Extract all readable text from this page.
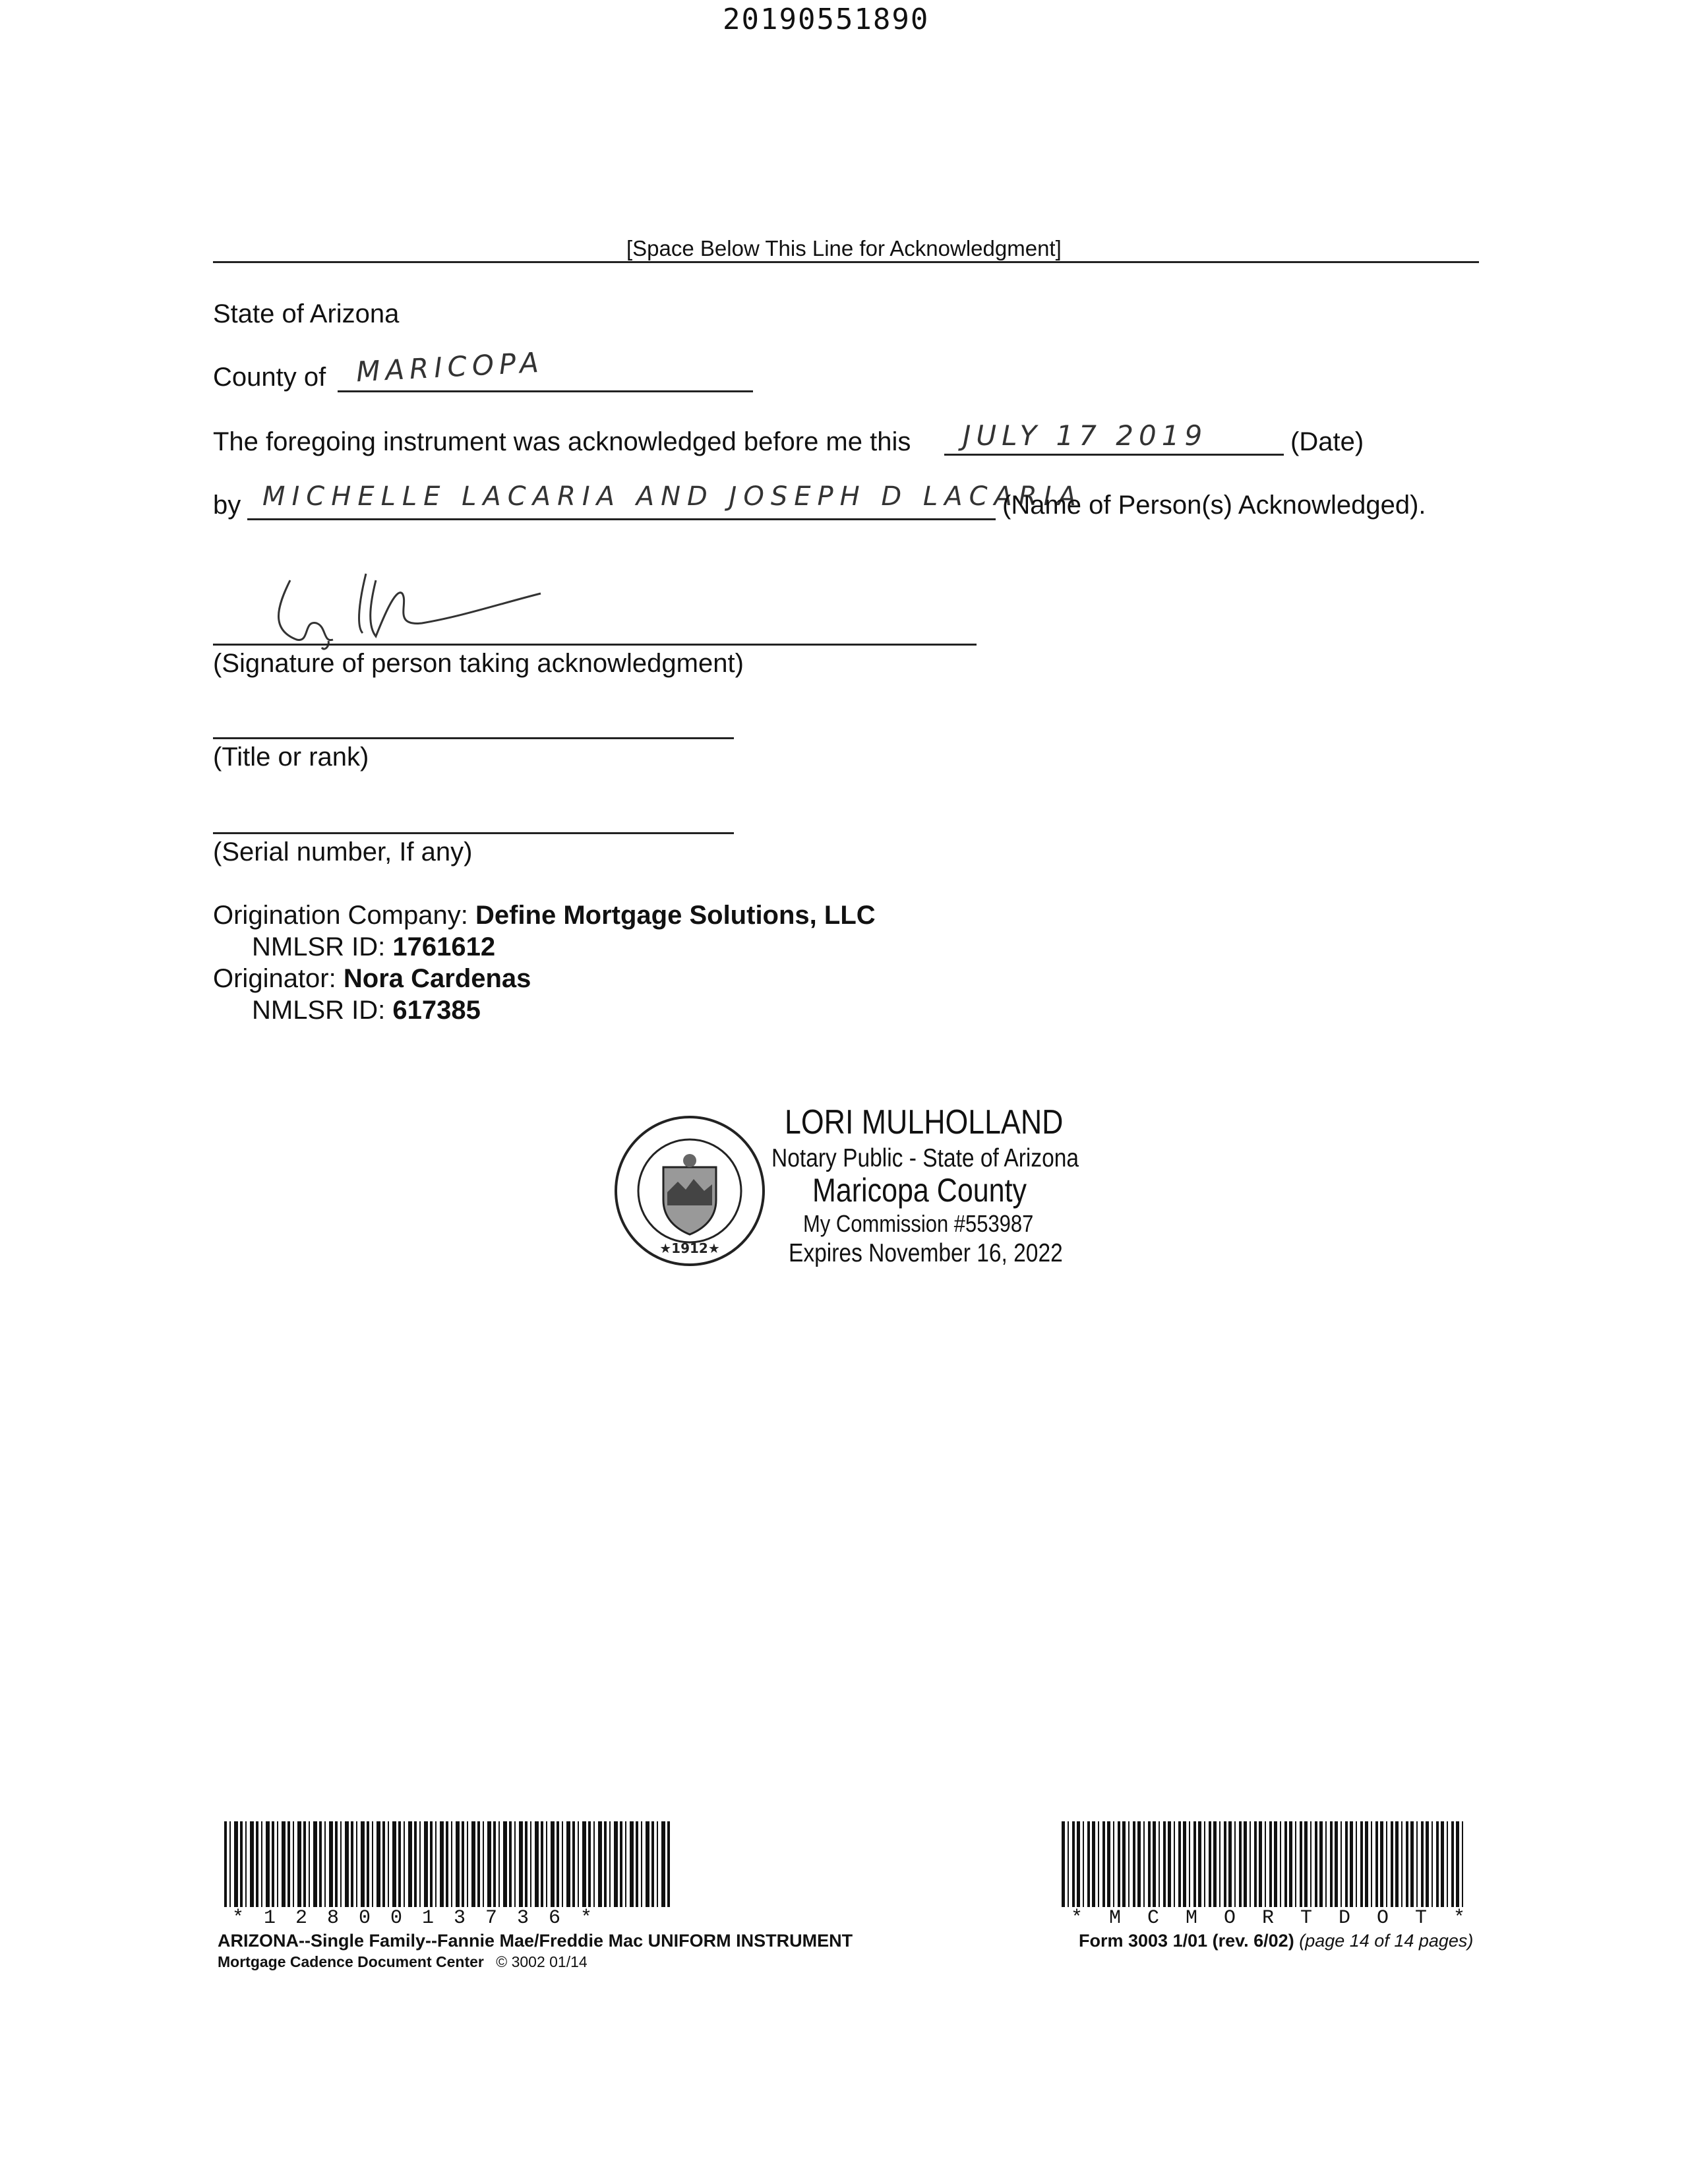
20190551890
[Space Below This Line for Acknowledgment]
State of Arizona
County of MARICOPA
The foregoing instrument was acknowledged before me this JULY 17 2019	(Date)
by MICHELLE LACARIA AND JOSEPH D LACARIA
(Name of Person(s) Acknowledged).
(Signature of person taking acknowledgment)
(Title or rank)
(Serial number, If any)
Origination Company: Define Mortgage Solutions, LLC
NMLSR ID: 1761612
Originator: Nora Cardenas
NMLSR ID: 617385
★1912★
LORI MULHOLLAND
Notary Public - State of Arizona
Maricopa County
My Commission #553987
Expires November 16, 2022
*1280013736*	*MCMORTDOT*
ARIZONA--Single Family--Fannie Mae/Freddie Mac UNIFORM INSTRUMENT
Mortgage Cadence Document Center © 3002 01/14
Form 3003 1/01 (rev. 6/02) (page 14 of 14 pages)
